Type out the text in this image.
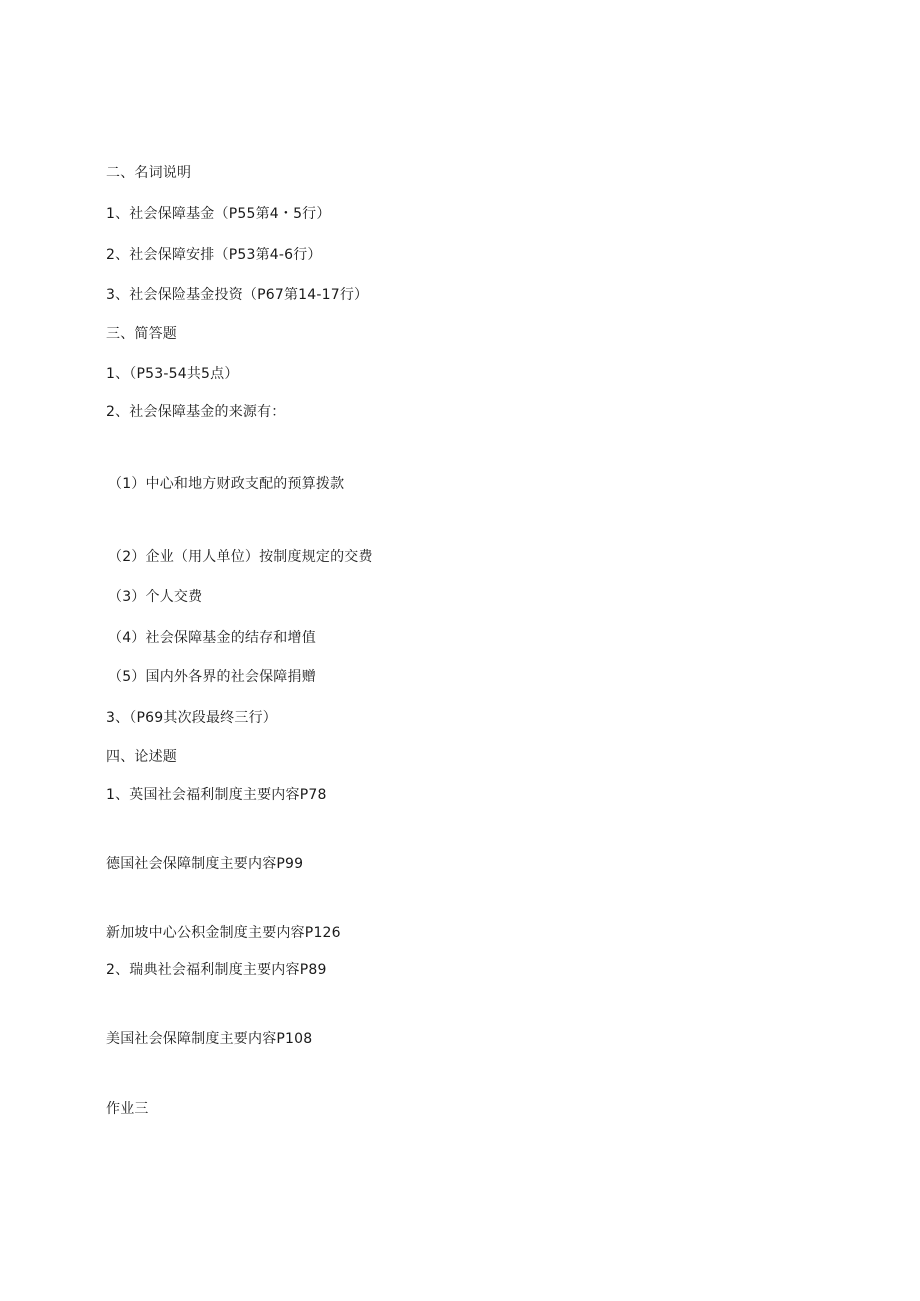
二、名词说明
1、社会保障基金（P55第4・5行）
2、社会保障安排（P53第4-6行）
3、社会保险基金投资（P67第14-17行）
三、简答题
1、（P53-54共5点）
2、社会保障基金的来源有：
（1）中心和地方财政支配的预算拨款
（2）企业（用人单位）按制度规定的交费
（3）个人交费
（4）社会保障基金的结存和增值
（5）国内外各界的社会保障捐赠
3、（P69其次段最终三行）
四、论述题
1、英国社会福利制度主要内容P78
德国社会保障制度主要内容P99
新加坡中心公积金制度主要内容P126
2、瑞典社会福利制度主要内容P89
美国社会保障制度主要内容P108
作业三
